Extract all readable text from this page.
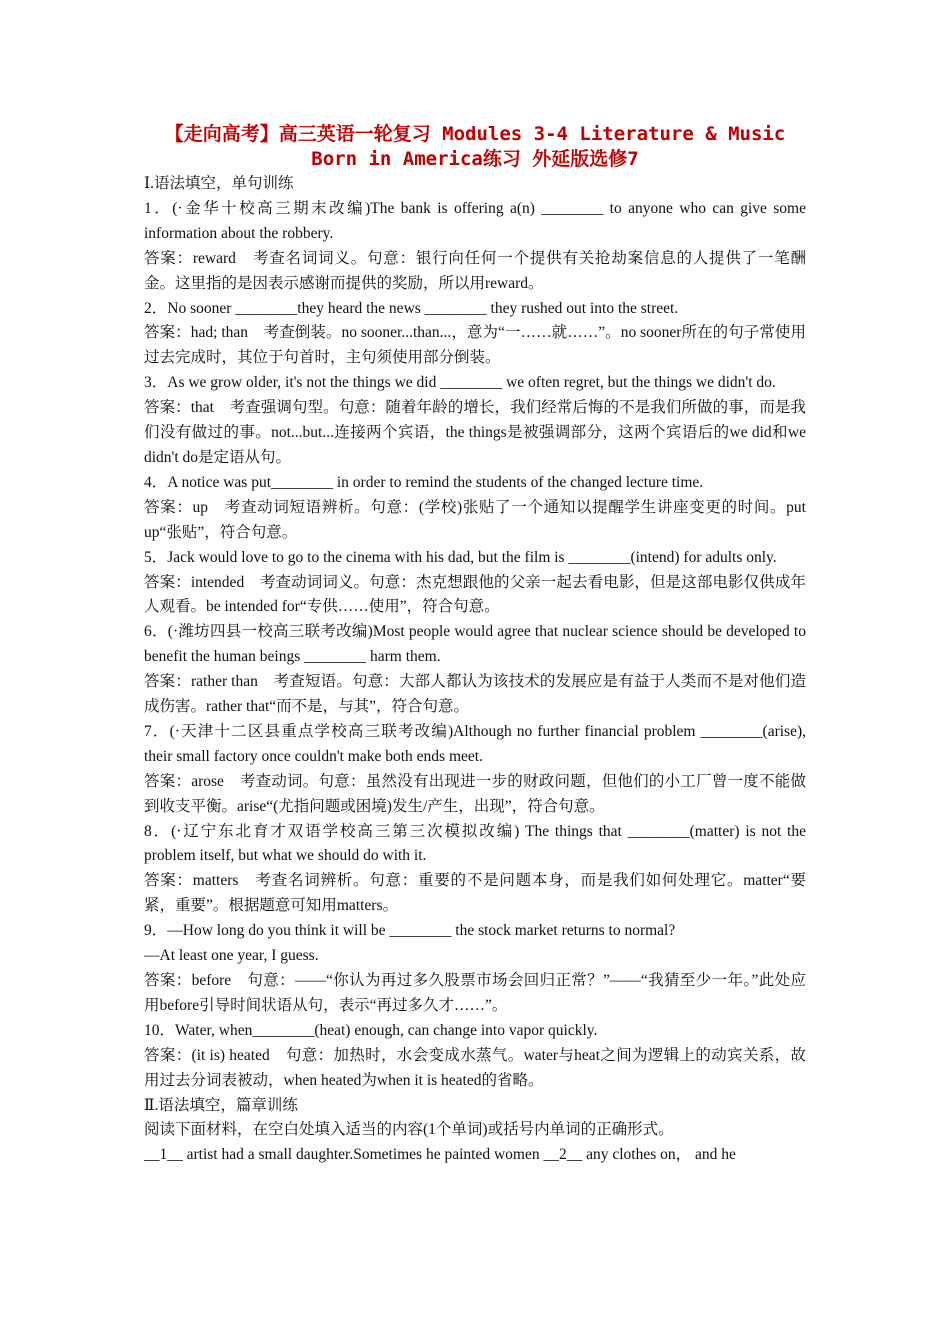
【走向高考】高三英语一轮复习 Modules 3-4 Literature & Music
Born in America练习 外延版选修7

Ⅰ.语法填空，单句训练

1．(·金华十校高三期末改编)The bank is offering a(n) ________ to anyone who can give some information about the robbery.

答案：reward　考查名词词义。句意：银行向任何一个提供有关抢劫案信息的人提供了一笔酬金。这里指的是因表示感谢而提供的奖励，所以用reward。

2．No sooner ________they heard the news ________ they rushed out into the street.

答案：had; than　考查倒装。no sooner...than...，意为“一……就……”。no sooner所在的句子常使用过去完成时，其位于句首时，主句须使用部分倒装。

3．As we grow older, it's not the things we did ________ we often regret, but the things we didn't do.

答案：that　考查强调句型。句意：随着年龄的增长，我们经常后悔的不是我们所做的事，而是我们没有做过的事。not...but...连接两个宾语，the things是被强调部分，这两个宾语后的we did和we didn't do是定语从句。

4．A notice was put________ in order to remind the students of the changed lecture time.

答案：up　考查动词短语辨析。句意：(学校)张贴了一个通知以提醒学生讲座变更的时间。put up“张贴”，符合句意。

5．Jack would love to go to the cinema with his dad, but the film is ________(intend) for adults only.

答案：intended　考查动词词义。句意：杰克想跟他的父亲一起去看电影，但是这部电影仅供成年人观看。be intended for“专供……使用”，符合句意。

6．(·潍坊四县一校高三联考改编)Most people would agree that nuclear science should be developed to benefit the human beings ________ harm them.

答案：rather than　考查短语。句意：大部人都认为该技术的发展应是有益于人类而不是对他们造成伤害。rather that“而不是，与其”，符合句意。

7．(·天津十二区县重点学校高三联考改编)Although no further financial problem ________(arise), their small factory once couldn't make both ends meet.

答案：arose　考查动词。句意：虽然没有出现进一步的财政问题，但他们的小工厂曾一度不能做到收支平衡。arise“(尤指问题或困境)发生/产生，出现”，符合句意。

8．(·辽宁东北育才双语学校高三第三次模拟改编) The things that ________(matter) is not the problem itself, but what we should do with it.

答案：matters　考查名词辨析。句意：重要的不是问题本身，而是我们如何处理它。matter“要紧，重要”。根据题意可知用matters。

9．—How long do you think it will be ________ the stock market returns to normal?
—At least one year, I guess.

答案：before　句意：——“你认为再过多久股票市场会回归正常？”——“我猜至少一年。”此处应用before引导时间状语从句，表示“再过多久才……”。

10．Water, when________(heat) enough, can change into vapor quickly.

答案：(it is) heated　句意：加热时，水会变成水蒸气。water与heat之间为逻辑上的动宾关系，故用过去分词表被动，when heated为when it is heated的省略。

Ⅱ.语法填空，篇章训练

阅读下面材料，在空白处填入适当的内容(1个单词)或括号内单词的正确形式。

__1__ artist had a small daughter.Sometimes he painted women __2__ any clothes on， and he
